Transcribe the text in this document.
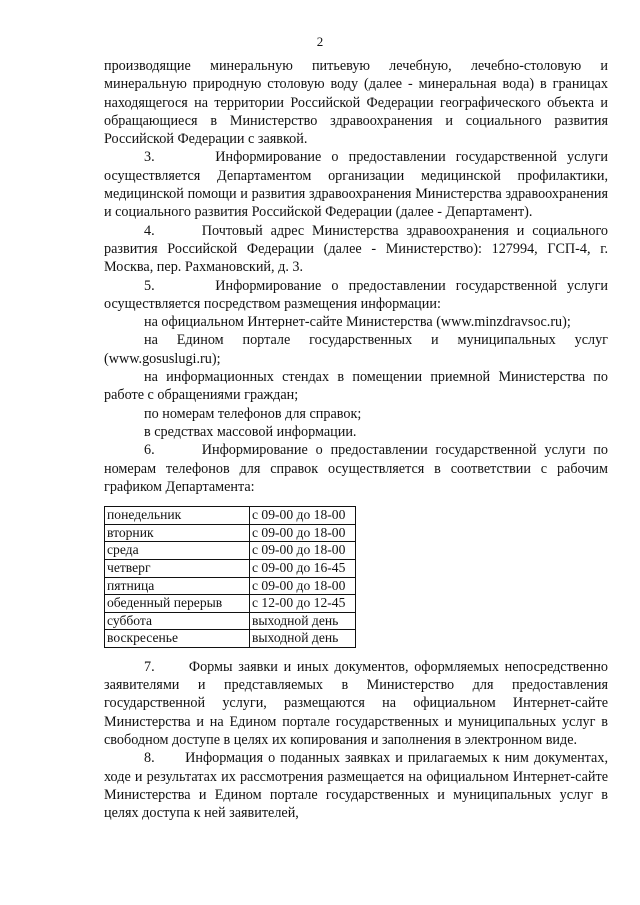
2

производящие минеральную питьевую лечебную, лечебно-столовую и минеральную природную столовую воду (далее - минеральная вода) в границах находящегося на территории Российской Федерации географического объекта и обращающиеся в Министерство здравоохранения и социального развития Российской Федерации с заявкой.

3.      Информирование о предоставлении государственной услуги осуществляется Департаментом организации медицинской профилактики, медицинской помощи и развития здравоохранения Министерства здравоохранения и социального развития Российской Федерации (далее - Департамент).

4.      Почтовый адрес Министерства здравоохранения и социального развития Российской Федерации (далее - Министерство): 127994, ГСП-4, г. Москва, пер. Рахмановский, д. 3.

5.      Информирование о предоставлении государственной услуги осуществляется посредством размещения информации:

на официальном Интернет-сайте Министерства (www.minzdravsoc.ru);

на Едином портале государственных и муниципальных услуг (www.gosuslugi.ru);

на информационных стендах в помещении приемной Министерства по работе с обращениями граждан;

по номерам телефонов для справок;

в средствах массовой информации.

6.      Информирование о предоставлении государственной услуги по номерам телефонов для справок осуществляется в соответствии с рабочим графиком Департамента:

понедельник	с 09-00 до 18-00
вторник	с 09-00 до 18-00
среда	с 09-00 до 18-00
четверг	с 09-00 до 16-45
пятница	с 09-00 до 18-00
обеденный перерыв	с 12-00 до 12-45
суббота	выходной день
воскресенье	выходной день

7.      Формы заявки и иных документов, оформляемых непосредственно заявителями и представляемых в Министерство для предоставления государственной услуги, размещаются на официальном Интернет-сайте Министерства и на Едином портале государственных и муниципальных услуг в свободном доступе в целях их копирования и заполнения в электронном виде.

8.      Информация о поданных заявках и прилагаемых к ним документах, ходе и результатах их рассмотрения размещается на официальном Интернет-сайте Министерства и Едином портале государственных и муниципальных услуг в целях доступа к ней заявителей,
